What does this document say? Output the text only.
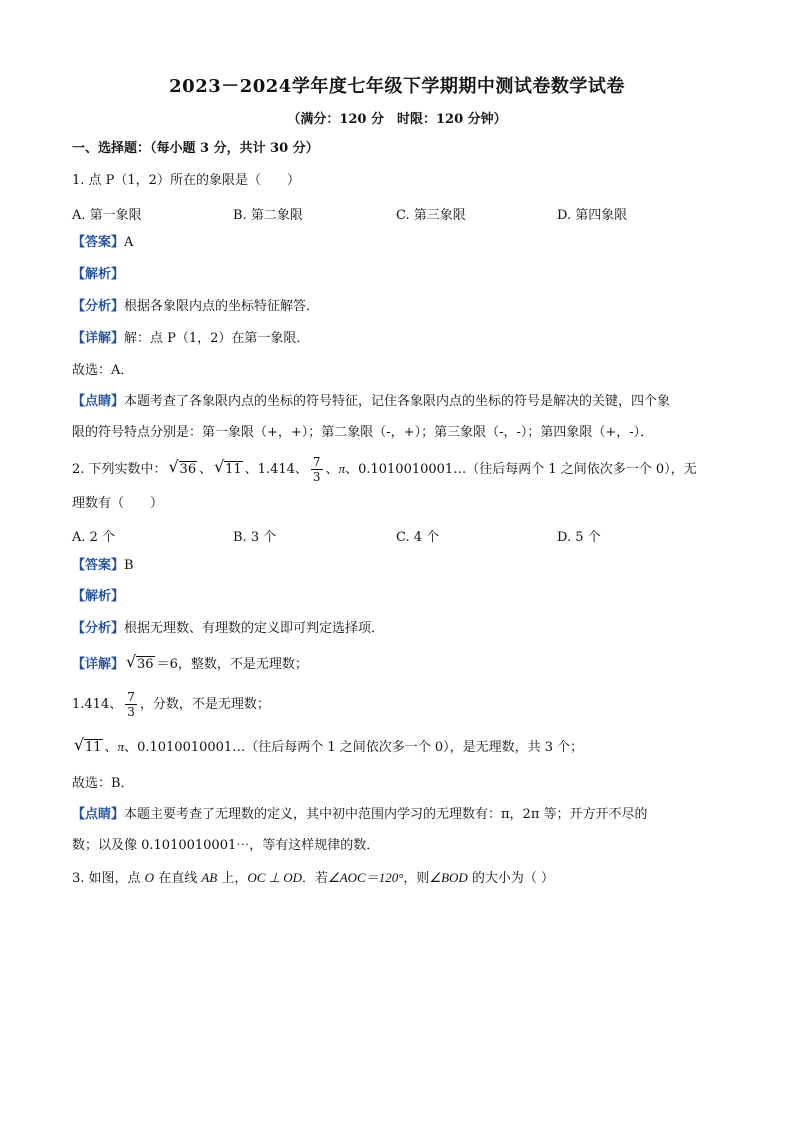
2023－2024学年度七年级下学期期中测试卷数学试卷
（满分：120 分　时限：120 分钟）
一、选择题：（每小题 3 分，共计 30 分）
1. 点 P（1，2）所在的象限是（　　）
A. 第一象限	B. 第二象限	C. 第三象限	D. 第四象限
【答案】A
【解析】
【分析】根据各象限内点的坐标特征解答．
【详解】解：点 P（1，2）在第一象限．
故选：A．
【点睛】本题考查了各象限内点的坐标的符号特征，记住各象限内点的坐标的符号是解决的关键，四个象
限的符号特点分别是：第一象限（+，+）；第二象限（-，+）；第三象限（-，-）；第四象限（+，-）．
2. 下列实数中： √ 36 、 √ 11 、1.414、 $\frac{7}{3}$ 、π、0.1010010001…（往后每两个 1 之间依次多一个 0），无
理数有（　　）
A. 2 个	B. 3 个	C. 4 个	D. 5 个
【答案】B
【解析】
【分析】根据无理数、有理数的定义即可判定选择项．
【详解】 √ 36 ＝6，整数，不是无理数；
1.414、 $\frac{7}{3}$ ，分数，不是无理数；
√ 11 、π、0.1010010001…（往后每两个 1 之间依次多一个 0），是无理数，共 3 个；
故选：B．
【点睛】本题主要考查了无理数的定义，其中初中范围内学习的无理数有：π，2π 等；开方开不尽的
数；以及像 0.1010010001⋯，等有这样规律的数．
3. 如图，点 O 在直线 AB 上，OC ⊥ OD．若∠AOC＝120°，则∠BOD 的大小为（ ）
